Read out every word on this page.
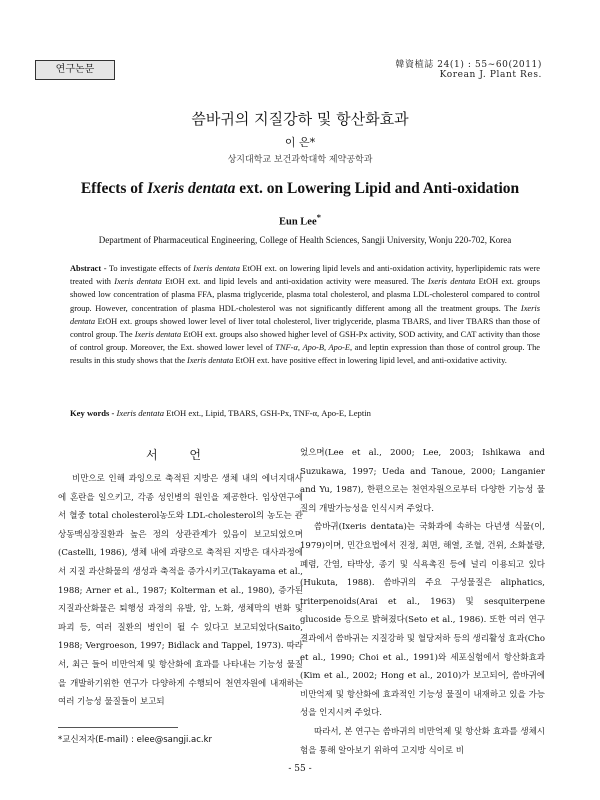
연구논문	韓資植誌 24(1) : 55∼60(2011)
Korean J. Plant Res.
씀바귀의 지질강하 및 항산화효과
이 은*
상지대학교 보건과학대학 제약공학과
Effects of Ixeris dentata ext. on Lowering Lipid and Anti-oxidation
Eun Lee*
Department of Pharmaceutical Engineering, College of Health Sciences, Sangji University, Wonju 220-702, Korea
Abstract - To investigate effects of Ixeris dentata EtOH ext. on lowering lipid levels and anti-oxidation activity, hyperlipidemic rats were treated with Ixeris dentata EtOH ext. and lipid levels and anti-oxidation activity were measured. The Ixeris dentata EtOH ext. groups showed low concentration of plasma FFA, plasma triglyceride, plasma total cholesterol, and plasma LDL-cholesterol compared to control group. However, concentration of plasma HDL-cholesterol was not significantly different among all the treatment groups. The Ixeris dentata EtOH ext. groups showed lower level of liver total cholesterol, liver triglyceride, plasma TBARS, and liver TBARS than those of control group. The Ixeris dentata EtOH ext. groups also showed higher level of GSH-Px activity, SOD activity, and CAT activity than those of control group. Moreover, the Ext. showed lower level of TNF-α, Apo-B, Apo-E, and leptin expression than those of control group. The results in this study shows that the Ixeris dentata EtOH ext. have positive effect in lowering lipid level, and anti-oxidative activity.
Key words - Ixeris dentata EtOH ext., Lipid, TBARS, GSH-Px, TNF-α, Apo-E, Leptin
서 언

비만으로 인해 과잉으로 축적된 지방은 생체 내의 에너지대사에 혼란을 일으키고, 각종 성인병의 원인을 제공한다. 임상연구에서 혈중 total cholesterol농도와 LDL-cholesterol의 농도는 관상동맥심장질환과 높은 정의 상관관계가 있음이 보고되었으며(Castelli, 1986), 생체 내에 과량으로 축적된 지방은 대사과정에서 지질 과산화물의 생성과 축적을 증가시키고(Takayama et al., 1988; Arner et al., 1987; Kolterman et al., 1980), 증가된 지질과산화물은 퇴행성 과정의 유발, 암, 노화, 생체막의 변화 및 파괴 등, 여러 질환의 병인이 될 수 있다고 보고되었다(Saito, 1988; Vergroeson, 1997; Bidlack and Tappel, 1973). 따라서, 최근 들어 비만억제 및 항산화에 효과를 나타내는 기능성 물질을 개발하기위한 연구가 다양하게 수행되어 천연자원에 내재하는 여러 기능성 물질들이 보고되

었으며(Lee et al., 2000; Lee, 2003; Ishikawa and Suzukawa, 1997; Ueda and Tanoue, 2000; Langanier and Yu, 1987), 한편으로는 천연자원으로부터 다양한 기능성 물질의 개발가능성을 인식시켜 주었다.

씀바귀(Ixeris dentata)는 국화과에 속하는 다년생 식물(이, 1979)이며, 민간요법에서 진정, 최면, 해열, 조혈, 건위, 소화불량, 폐렴, 간염, 타박상, 종기 및 식욕촉진 등에 널리 이용되고 있다(Hukuta, 1988). 씀바귀의 주요 구성물질은 aliphatics, triterpenoids(Arai et al., 1963) 및 sesquiterpene glucoside 등으로 밝혀졌다(Seto et al., 1986). 또한 여러 연구 결과에서 씀바귀는 지질강하 및 혈당저하 등의 생리활성 효과(Cho et al., 1990; Choi et al., 1991)와 세포실험에서 항산화효과(Kim et al., 2002; Hong et al., 2010)가 보고되어, 씀바귀에 비만억제 및 항산화에 효과적인 기능성 물질이 내재하고 있을 가능성을 인지시켜 주었다.

따라서, 본 연구는 씀바귀의 비만억제 및 항산화 효과를 생체시험을 통해 알아보기 위하여 고지방 식이로 비

*교신저자(E-mail) : elee@sangji.ac.kr
- 55 -
